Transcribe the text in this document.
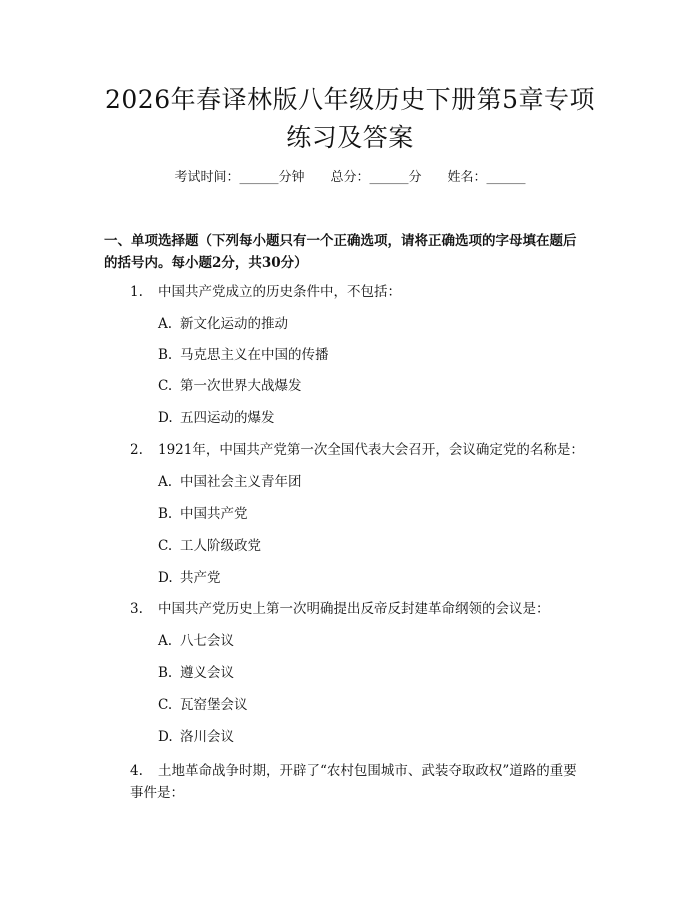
2026年春译林版八年级历史下册第5章专项
练习及答案
考试时间：______分钟 总分：______分 姓名：______
一、单项选择题（下列每小题只有一个正确选项，请将正确选项的字母填在题后
的括号内。每小题2分，共30分）
1. 中国共产党成立的历史条件中，不包括：
A. 新文化运动的推动
B. 马克思主义在中国的传播
C. 第一次世界大战爆发
D. 五四运动的爆发
2. 1921年，中国共产党第一次全国代表大会召开，会议确定党的名称是：
A. 中国社会主义青年团
B. 中国共产党
C. 工人阶级政党
D. 共产党
3. 中国共产党历史上第一次明确提出反帝反封建革命纲领的会议是：
A. 八七会议
B. 遵义会议
C. 瓦窑堡会议
D. 洛川会议
4. 土地革命战争时期，开辟了“农村包围城市、武装夺取政权”道路的重要
事件是：
